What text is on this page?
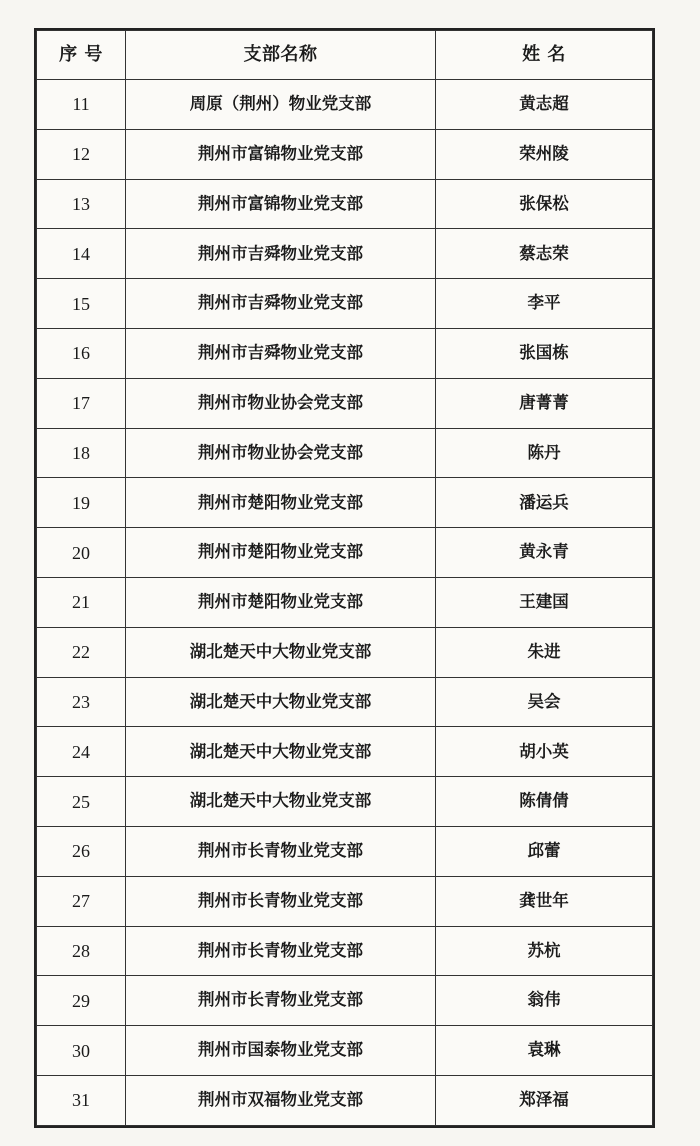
序 号	支部名称	姓 名
11	周原（荆州）物业党支部	黄志超
12	荆州市富锦物业党支部	荣州陵
13	荆州市富锦物业党支部	张保松
14	荆州市吉舜物业党支部	蔡志荣
15	荆州市吉舜物业党支部	李平
16	荆州市吉舜物业党支部	张国栋
17	荆州市物业协会党支部	唐菁菁
18	荆州市物业协会党支部	陈丹
19	荆州市楚阳物业党支部	潘运兵
20	荆州市楚阳物业党支部	黄永青
21	荆州市楚阳物业党支部	王建国
22	湖北楚天中大物业党支部	朱进
23	湖北楚天中大物业党支部	吴会
24	湖北楚天中大物业党支部	胡小英
25	湖北楚天中大物业党支部	陈倩倩
26	荆州市长青物业党支部	邱蕾
27	荆州市长青物业党支部	龚世年
28	荆州市长青物业党支部	苏杭
29	荆州市长青物业党支部	翁伟
30	荆州市国泰物业党支部	袁琳
31	荆州市双福物业党支部	郑泽福
